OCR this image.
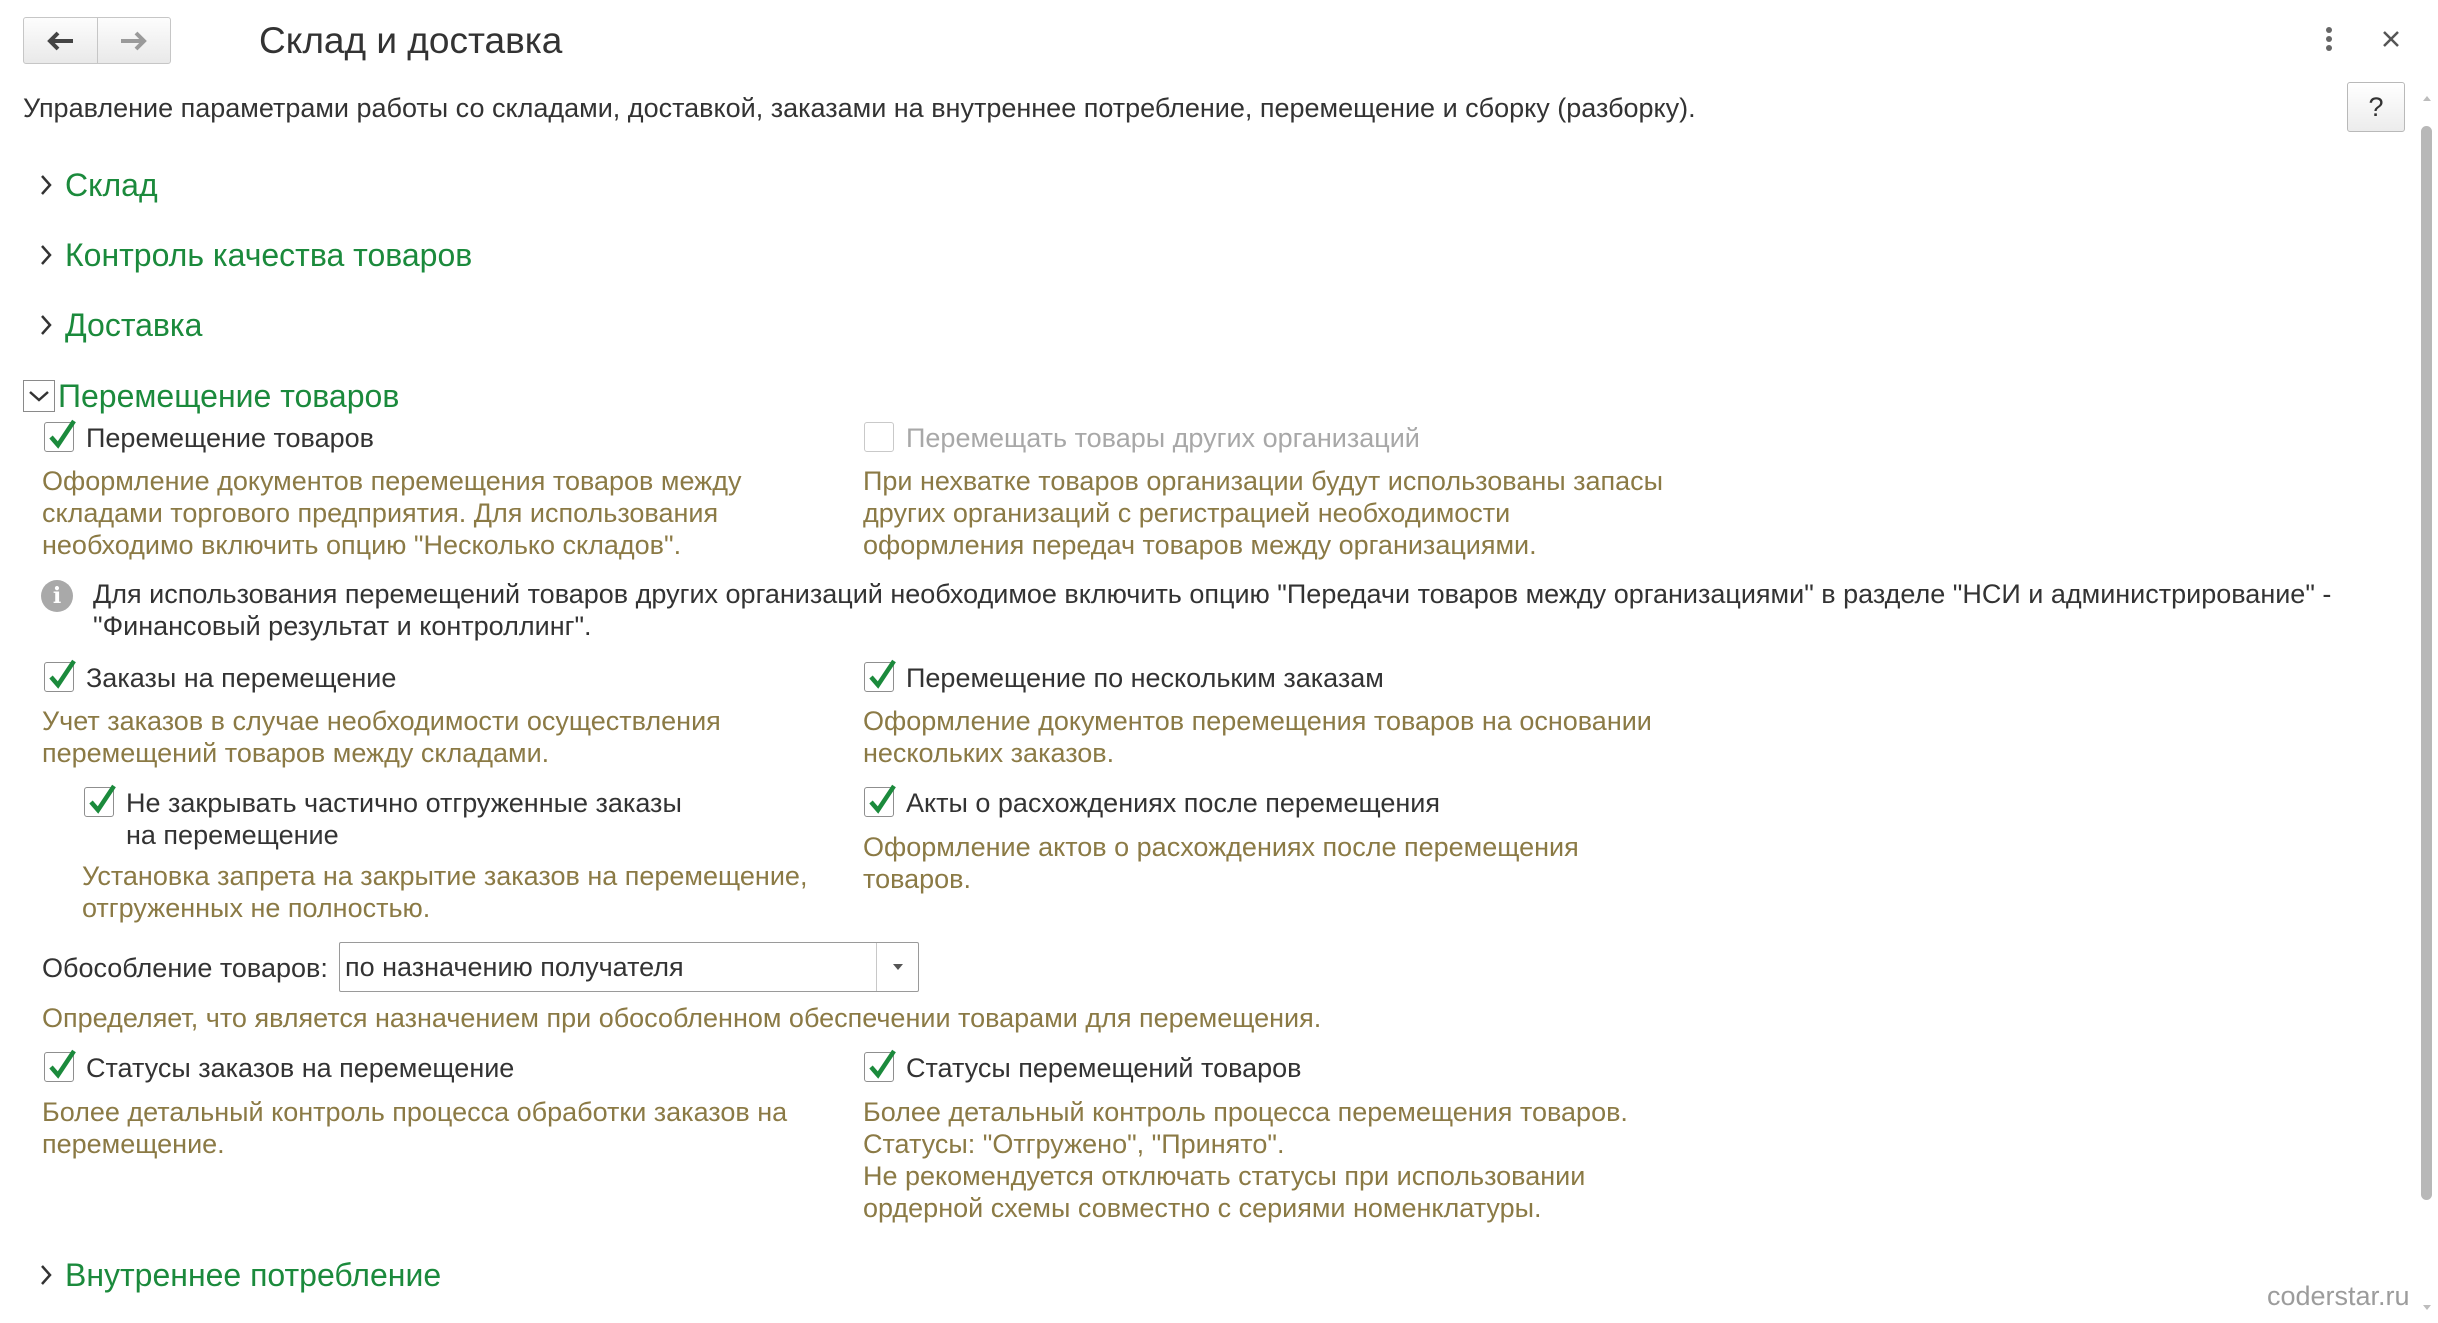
Склад и доставка
Управление параметрами работы со складами, доставкой, заказами на внутреннее потребление, перемещение и сборку (разборку).	?
Склад
Контроль качества товаров
Доставка
Перемещение товаров
Перемещение товаров
Оформление документов перемещения товаров между
складами торгового предприятия. Для использования
необходимо включить опцию "Несколько складов".
Перемещать товары других организаций
При нехватке товаров организации будут использованы запасы
других организаций с регистрацией необходимости
оформления передач товаров между организациями.
i	Для использования перемещений товаров других организаций необходимое включить опцию "Передачи товаров между организациями" в разделе "НСИ и администрирование" -
"Финансовый результат и контроллинг".
Заказы на перемещение
Учет заказов в случае необходимости осуществления
перемещений товаров между складами.
Перемещение по нескольким заказам
Оформление документов перемещения товаров на основании
нескольких заказов.
Не закрывать частично отгруженные заказы
на перемещение
Установка запрета на закрытие заказов на перемещение,
отгруженных не полностью.
Акты о расхождениях после перемещения
Оформление актов о расхождениях после перемещения
товаров.
Обособление товаров: по назначению получателя
Определяет, что является назначением при обособленном обеспечении товарами для перемещения.
Статусы заказов на перемещение
Более детальный контроль процесса обработки заказов на
перемещение.
Статусы перемещений товаров
Более детальный контроль процесса перемещения товаров.
Статусы: "Отгружено", "Принято".
Не рекомендуется отключать статусы при использовании
ордерной схемы совместно с сериями номенклатуры.
Внутреннее потребление
coderstar.ru
